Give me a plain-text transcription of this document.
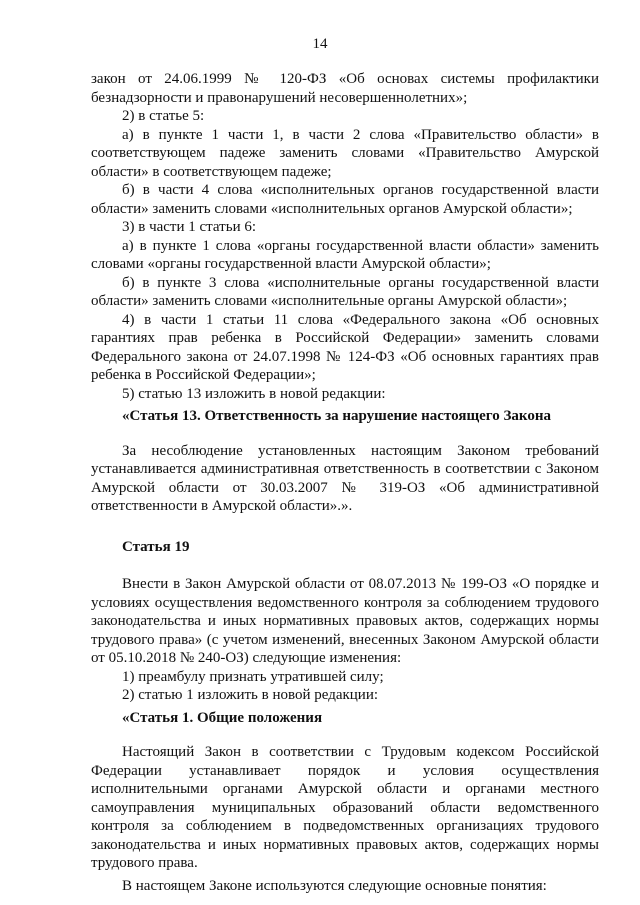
14

закон от 24.06.1999 № 120-ФЗ «Об основах системы профилактики безнадзорности и правонарушений несовершеннолетних»;

2) в статье 5:

а) в пункте 1 части 1, в части 2 слова «Правительство области» в соответствующем падеже заменить словами «Правительство Амурской области» в соответствующем падеже;

б) в части 4 слова «исполнительных органов государственной власти области» заменить словами «исполнительных органов Амурской области»;

3) в части 1 статьи 6:

а) в пункте 1 слова «органы государственной власти области» заменить словами «органы государственной власти Амурской области»;

б) в пункте 3 слова «исполнительные органы государственной власти области» заменить словами «исполнительные органы Амурской области»;

4) в части 1 статьи 11 слова «Федерального закона «Об основных гарантиях прав ребенка в Российской Федерации» заменить словами Федерального закона от 24.07.1998 № 124-ФЗ «Об основных гарантиях прав ребенка в Российской Федерации»;

5) статью 13 изложить в новой редакции:

«Статья 13. Ответственность за нарушение настоящего Закона

За несоблюдение установленных настоящим Законом требований устанавливается административная ответственность в соответствии с Законом Амурской области от 30.03.2007 № 319-ОЗ «Об административной ответственности в Амурской области».».

Статья 19

Внести в Закон Амурской области от 08.07.2013 № 199-ОЗ «О порядке и условиях осуществления ведомственного контроля за соблюдением трудового законодательства и иных нормативных правовых актов, содержащих нормы трудового права» (с учетом изменений, внесенных Законом Амурской области от 05.10.2018 № 240-ОЗ) следующие изменения:

1) преамбулу признать утратившей силу;

2) статью 1 изложить в новой редакции:

«Статья 1. Общие положения

Настоящий Закон в соответствии с Трудовым кодексом Российской Федерации устанавливает порядок и условия осуществления исполнительными органами Амурской области и органами местного самоуправления муниципальных образований области ведомственного контроля за соблюдением в подведомственных организациях трудового законодательства и иных нормативных правовых актов, содержащих нормы трудового права.

В настоящем Законе используются следующие основные понятия:
